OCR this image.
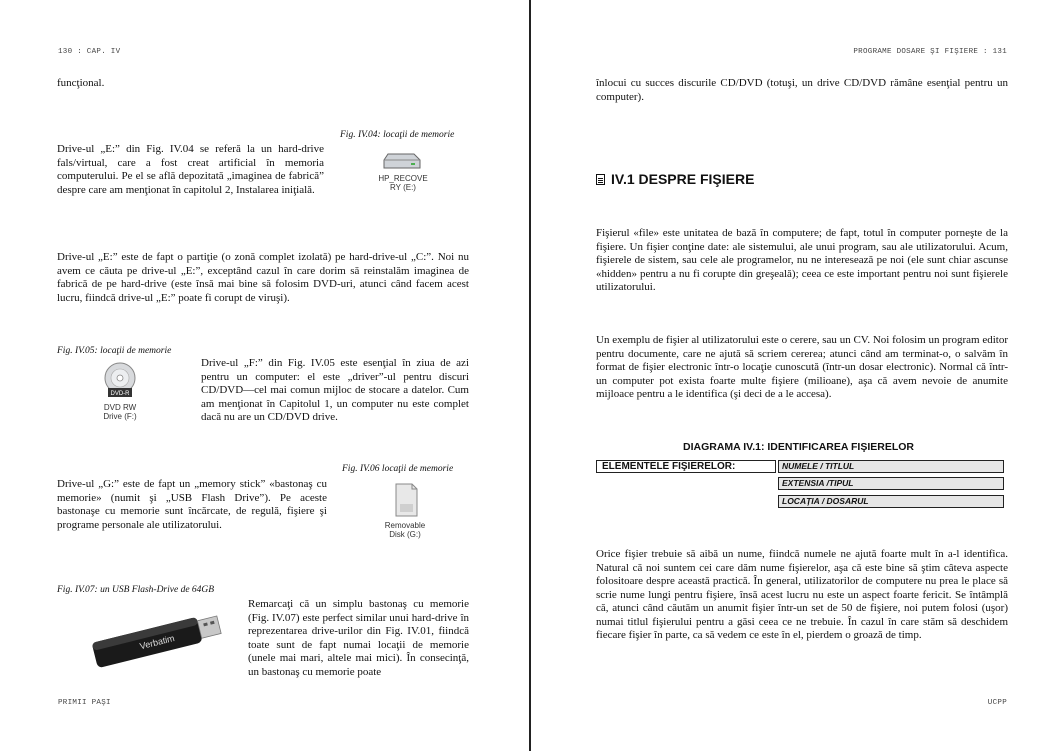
130 : CAP. IV
funcţional.
Fig. IV.04: locaţii de memorie
HP_RECOVE
RY (E:)
Drive-ul „E:” din Fig. IV.04 se referă la un hard-drive fals/virtual, care a fost creat artificial în memoria computerului. Pe el se află depozitată „imaginea de fabrică” despre care am menţionat în capitolul 2, Instalarea iniţială.
Drive-ul „E:” este de fapt o partiţie (o zonă complet izolată) pe hard-drive-ul „C:”. Noi nu avem ce căuta pe drive-ul „E:”, exceptând cazul în care dorim să reinstalăm imaginea de fabrică de pe hard-drive (este însă mai bine să folosim DVD-uri, atunci când facem acest lucru, fiindcă drive-ul „E:” poate fi corupt de viruşi).
Fig. IV.05: locaţii de memorie
DVD-R
DVD RW
Drive (F:)
Drive-ul „F:” din Fig. IV.05 este esenţial în ziua de azi pentru un computer: el este „driver”-ul pentru discuri CD/DVD—cel mai comun mijloc de stocare a datelor. Cum am menţionat în Capitolul 1, un computer nu este complet dacă nu are un CD/DVD drive.
Fig. IV.06 locaţii de memorie
Removable
Disk (G:)
Drive-ul „G:” este de fapt un „memory stick” «bastonaş cu memorie» (numit şi „USB Flash Drive”). Pe aceste bastonaşe cu memorie sunt încărcate, de regulă, fişiere şi programe personale ale utilizatorului.
Fig. IV.07: un USB Flash-Drive de 64GB
Verbatim
Remarcaţi că un simplu bastonaş cu memorie (Fig. IV.07) este perfect similar unui hard-drive în reprezentarea drive-urilor din Fig. IV.01, fiindcă toate sunt de fapt numai locaţii de memorie (unele mai mari, altele mai mici). În consecinţă, un bastonaş cu memorie poate
PRIMII PAŞI
PROGRAME DOSARE ŞI FIŞIERE : 131
înlocui cu succes discurile CD/DVD (totuşi, un drive CD/DVD rămâne esenţial pentru un computer).
IV.1 DESPRE FIŞIERE
Fişierul «file» este unitatea de bază în computere; de fapt, totul în computer porneşte de la fişiere. Un fişier conţine date: ale sistemului, ale unui program, sau ale utilizatorului. Acum, fişierele de sistem, sau cele ale programelor, nu ne interesează pe noi (ele sunt chiar ascunse «hidden» pentru a nu fi corupte din greşeală); ceea ce este important pentru noi sunt fişierele utilizatorului.
Un exemplu de fişier al utilizatorului este o cerere, sau un CV. Noi folosim un program editor pentru documente, care ne ajută să scriem cererea; atunci când am terminat-o, o salvăm în format de fişier electronic într-o locaţie cunoscută (într-un dosar electronic). Normal că într-un computer pot exista foarte multe fişiere (milioane), aşa că avem nevoie de anumite mijloace pentru a le identifica (şi deci de a le accesa).
DIAGRAMA IV.1: IDENTIFICAREA FIŞIERELOR
ELEMENTELE FIŞIERELOR:	NUMELE / TITLUL
EXTENSIA /TIPUL
LOCAŢIA / DOSARUL
Orice fişier trebuie să aibă un nume, fiindcă numele ne ajută foarte mult în a-l identifica. Natural că noi suntem cei care dăm nume fişierelor, aşa că este bine să ştim câteva aspecte folositoare despre această practică. În general, utilizatorilor de computere nu prea le place să scrie nume lungi pentru fişiere, însă acest lucru nu este un aspect foarte fericit. Se întâmplă că, atunci când căutăm un anumit fişier într-un set de 50 de fişiere, noi putem folosi (uşor) numai titlul fişierului pentru a găsi ceea ce ne trebuie. În cazul în care stăm să deschidem fiecare fişier în parte, ca să vedem ce este în el, pierdem o groază de timp.
UCPP
